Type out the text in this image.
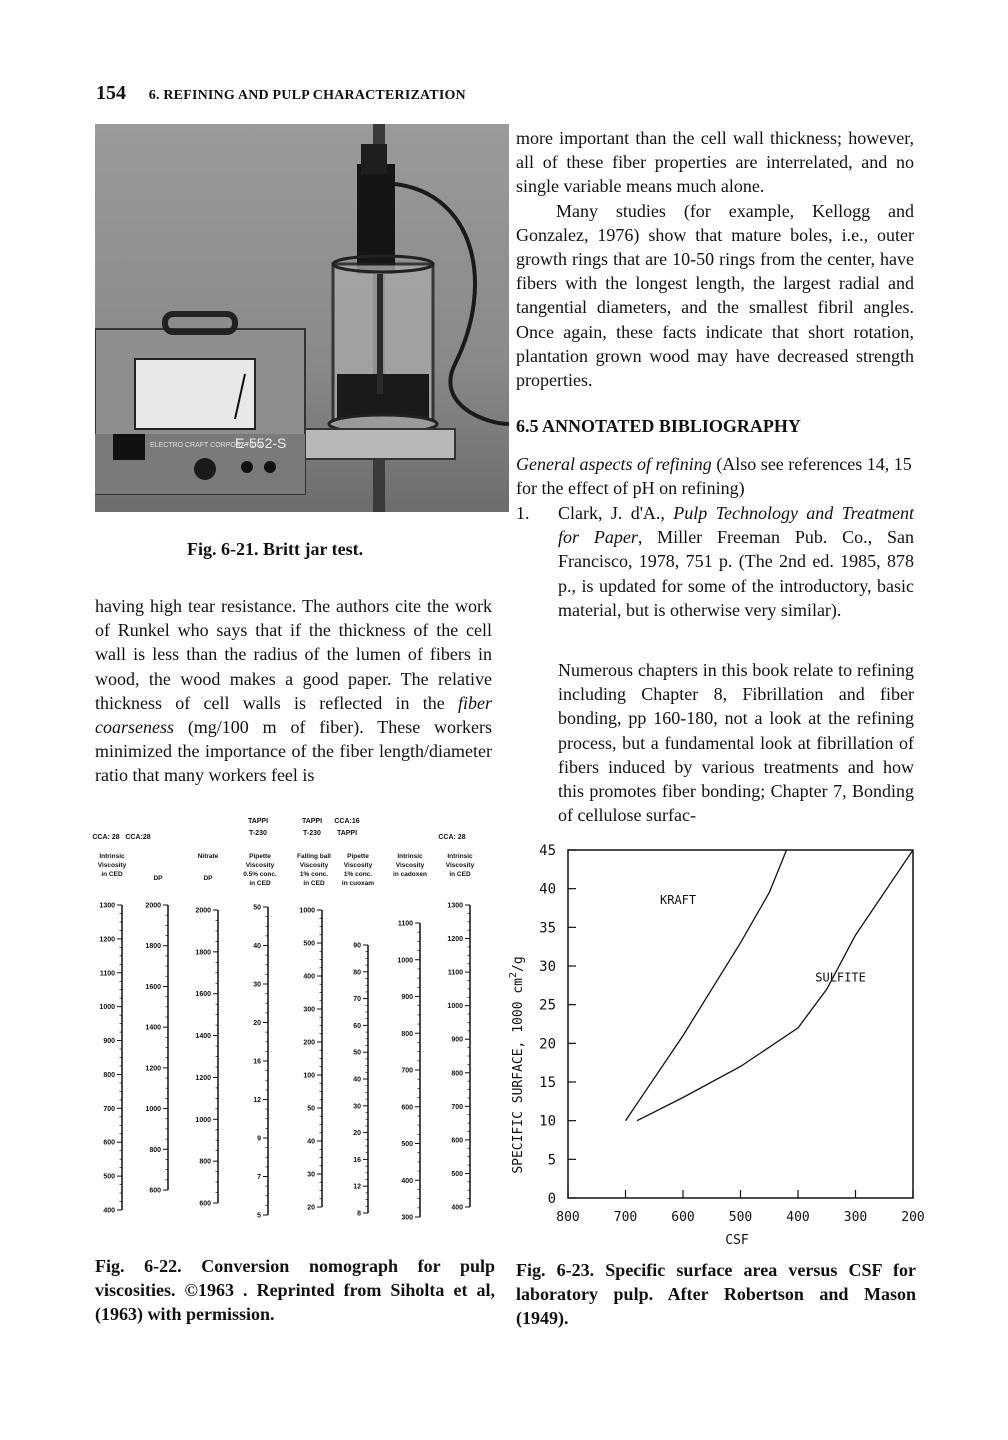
154 6. REFINING AND PULP CHARACTERIZATION
ELECTRO CRAFT CORPORATION
E-552-S
Fig. 6-21. Britt jar test.

having high tear resistance. The authors cite the work of Runkel who says that if the thickness of the cell wall is less than the radius of the lumen of fibers in wood, the wood makes a good paper. The relative thickness of cell walls is reflected in the fiber coarseness (mg/100 m of fiber). These workers minimized the importance of the fiber length/diameter ratio that many workers feel is

more important than the cell wall thickness; however, all of these fiber properties are interrelated, and no single variable means much alone.

Many studies (for example, Kellogg and Gonzalez, 1976) show that mature boles, i.e., outer growth rings that are 10-50 rings from the center, have fibers with the longest length, the largest radial and tangential diameters, and the smallest fibril angles. Once again, these facts indicate that short rotation, plantation grown wood may have decreased strength properties.

6.5 ANNOTATED BIBLIOGRAPHY

General aspects of refining (Also see references 14, 15 for the effect of pH on refining)

1. Clark, J. d'A., Pulp Technology and Treatment for Paper, Miller Freeman Pub. Co., San Francisco, 1978, 751 p. (The 2nd ed. 1985, 878 p., is updated for some of the introductory, basic material, but is otherwise very similar).

Numerous chapters in this book relate to refining including Chapter 8, Fibrillation and fiber bonding, pp 160-180, not a look at the refining process, but a fundamental look at fibrillation of fibers induced by various treatments and how this promotes fiber bonding; Chapter 7, Bonding of cellulose surfac-
TAPPI
T-230
TAPPI
T-230
CCA:16
TAPPI
CCA: 28 CCA:28	CCA: 28
Intrinsic
Viscosity
in CED
DP
Nitrate
DP
Pipette
Viscosity
0.5% conc.
in CED
Falling ball
Viscosity
1% conc.
in CED
Pipette
Viscosity
1% conc.
in cuoxam
Intrinsic
Viscosity
in cadoxen
Intrinsic
Viscosity
in CED
1300
1200
1100
1000
900
800
700
600
500
400
2000
1800
1600
1400
1200
1000
800
600
2000
1800
1600
1400
1200
1000
800
600
50
40
30
20
16
12
9
7
5
1000
500
400
300
200
100
50
40
30
20
90
80
70
60
50
40
30
20
16
12
8
1100
1000
900
800
700
600
500
400
300
1300
1200
1100
1000
900
800
700
600
500
400
Fig. 6-22. Conversion nomograph for pulp viscosities. ©1963 . Reprinted from Siholta et al, (1963) with permission.
SPECIFIC SURFACE, 1000 $cm^2/g$
0
5
10
15
20
25
30
35
40
45
800	700	600	500	400	300	200
KRAFT
SULFITE
CSF
Fig. 6-23. Specific surface area versus CSF for laboratory pulp. After Robertson and Mason (1949).
